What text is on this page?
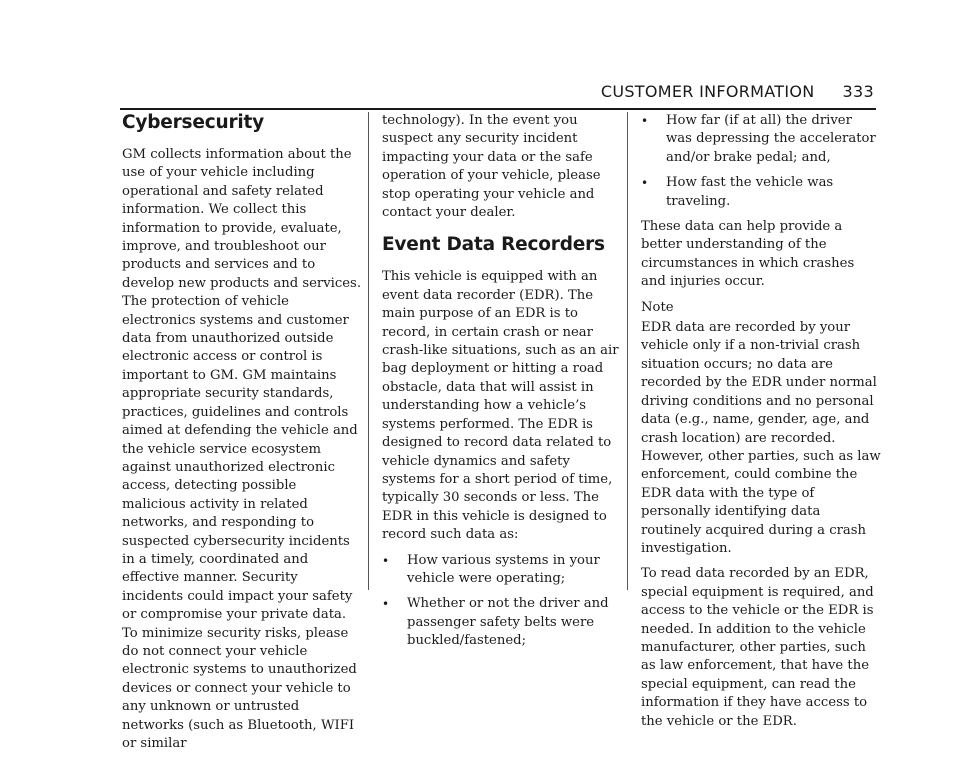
CUSTOMER INFORMATION 333
Cybersecurity

GM collects information about the use of your vehicle including operational and safety related information. We collect this information to provide, evaluate, improve, and troubleshoot our products and services and to develop new products and services. The protection of vehicle electronics systems and customer data from unauthorized outside electronic access or control is important to GM. GM maintains appropriate security standards, practices, guidelines and controls aimed at defending the vehicle and the vehicle service ecosystem against unauthorized electronic access, detecting possible malicious activity in related networks, and responding to suspected cybersecurity incidents in a timely, coordinated and effective manner. Security incidents could impact your safety or compromise your private data. To minimize security risks, please do not connect your vehicle electronic systems to unauthorized devices or connect your vehicle to any unknown or untrusted networks (such as Bluetooth, WIFI or similar

technology). In the event you suspect any security incident impacting your data or the safe operation of your vehicle, please stop operating your vehicle and contact your dealer.

Event Data Recorders

This vehicle is equipped with an event data recorder (EDR). The main purpose of an EDR is to record, in certain crash or near crash-like situations, such as an air bag deployment or hitting a road obstacle, data that will assist in understanding how a vehicle’s systems performed. The EDR is designed to record data related to vehicle dynamics and safety systems for a short period of time, typically 30 seconds or less. The EDR in this vehicle is designed to record such data as:

• How various systems in your vehicle were operating;
• Whether or not the driver and passenger safety belts were buckled/fastened;
• How far (if at all) the driver was depressing the accelerator and/or brake pedal; and,
• How fast the vehicle was traveling.

These data can help provide a better understanding of the circumstances in which crashes and injuries occur.

Note

EDR data are recorded by your vehicle only if a non-trivial crash situation occurs; no data are recorded by the EDR under normal driving conditions and no personal data (e.g., name, gender, age, and crash location) are recorded. However, other parties, such as law enforcement, could combine the EDR data with the type of personally identifying data routinely acquired during a crash investigation.

To read data recorded by an EDR, special equipment is required, and access to the vehicle or the EDR is needed. In addition to the vehicle manufacturer, other parties, such as law enforcement, that have the special equipment, can read the information if they have access to the vehicle or the EDR.
